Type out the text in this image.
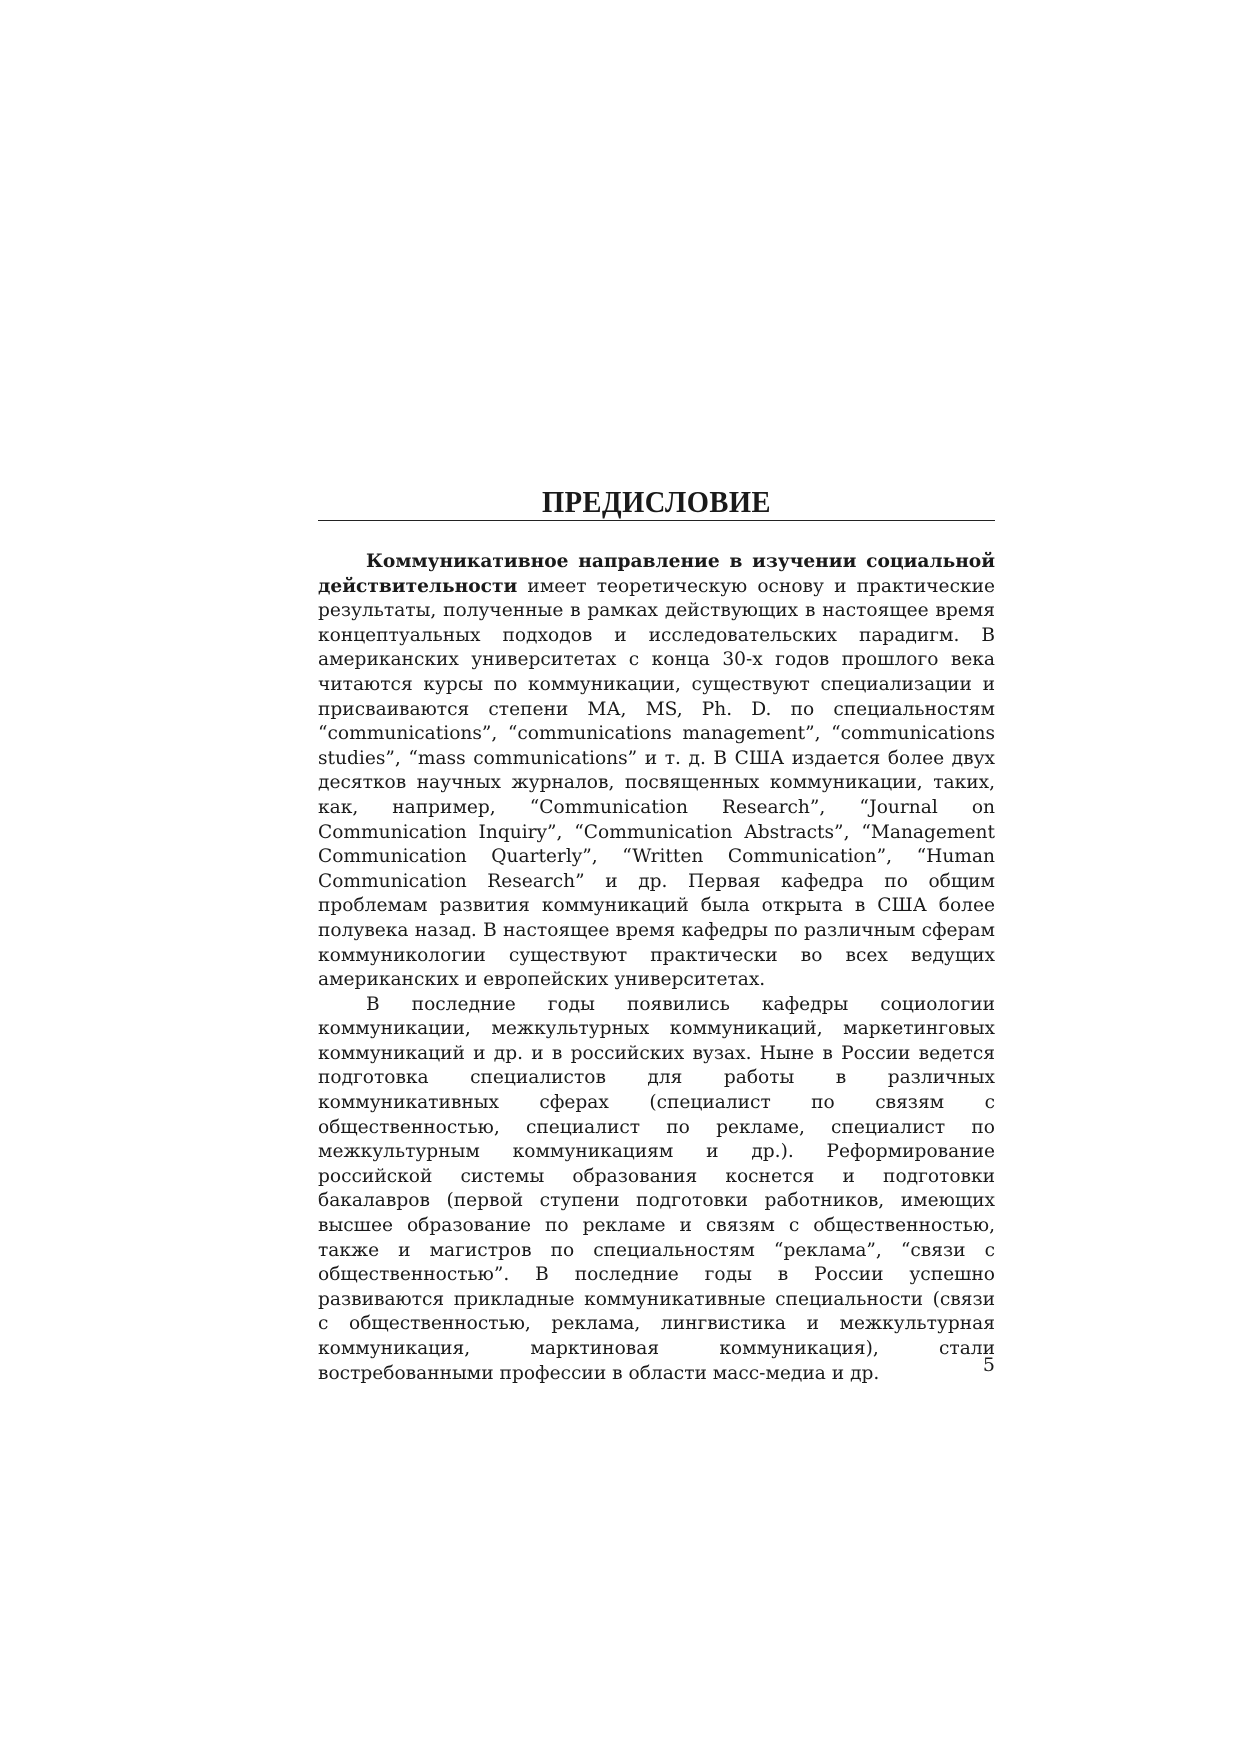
ПРЕДИСЛОВИЕ

Коммуникативное направление в изучении социальной действительности имеет теоретическую основу и практические результаты, полученные в рамках действующих в настоящее время концептуальных подходов и исследовательских парадигм. В американских университетах с конца 30-х годов прошлого века читаются курсы по коммуникации, существуют специализации и присваиваются степени МА, MS, Ph. D. по специальностям “communications”, “communications management”, “communications studies”, “mass communications” и т. д. В США издается более двух десятков научных журналов, посвященных коммуникации, таких, как, например, “Communication Research”, “Journal on Communication Inquiry”, “Communication Abstracts”, “Management Communication Quarterly”, “Written Communication”, “Human Communication Research” и др. Первая кафедра по общим проблемам развития коммуникаций была открыта в США более полувека назад. В настоящее время кафедры по различным сферам коммуникологии существуют практически во всех ведущих американских и европейских университетах.

В последние годы появились кафедры социологии коммуникации, межкультурных коммуникаций, маркетинговых коммуникаций и др. и в российских вузах. Ныне в России ведется подготовка специалистов для работы в различных коммуникативных сферах (специалист по связям с общественностью, специалист по рекламе, специалист по межкультурным коммуникациям и др.). Реформирование российской системы образования коснется и подготовки бакалавров (первой ступени подготовки работников, имеющих высшее образование по рекламе и связям с общественностью, также и магистров по специальностям “реклама”, “связи с общественностью”. В последние годы в России успешно развиваются прикладные коммуникативные специальности (связи с общественностью, реклама, лингвистика и межкультурная коммуникация, марктиновая коммуникация), стали востребованными профессии в области масс-медиа и др.	5
